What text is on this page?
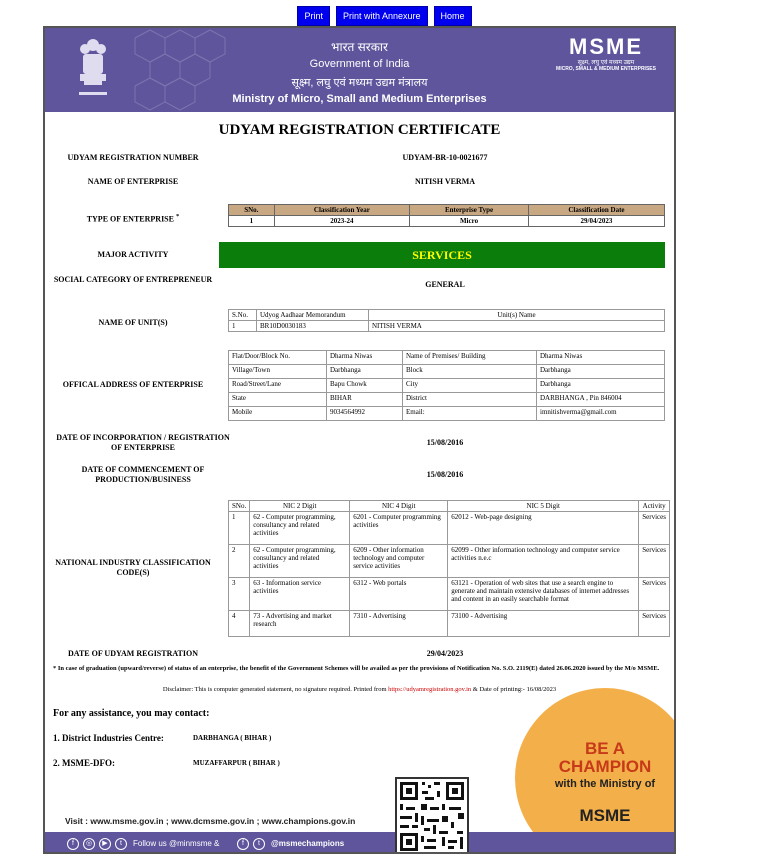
Print Print with Annexure Home
भारत सरकार
Government of India
सूक्ष्म, लघु एवं मध्यम उद्यम मंत्रालय
Ministry of Micro, Small and Medium Enterprises
MSME
सूक्ष्म, लघु एवं मध्यम उद्यम
MICRO, SMALL & MEDIUM ENTERPRISES
UDYAM REGISTRATION CERTIFICATE
UDYAM REGISTRATION NUMBER	UDYAM-BR-10-0021677
NAME OF ENTERPRISE	NITISH VERMA
TYPE OF ENTERPRISE *
SNo.	Classification Year	Enterprise Type	Classification Date
1	2023-24	Micro	29/04/2023
MAJOR ACTIVITY	SERVICES
SOCIAL CATEGORY OF ENTREPRENEUR
GENERAL
NAME OF UNIT(S)
S.No.	Udyog Aadhaar Memorandum	Unit(s) Name
1	BR10D0030183	NITISH VERMA
OFFICAL ADDRESS OF ENTERPRISE
Flat/Door/Block No.	Dharma Niwas	Name of Premises/ Building	Dharma Niwas
Village/Town	Darbhanga	Block	Darbhanga
Road/Street/Lane	Bapu Chowk	City	Darbhanga
State	BIHAR	District	DARBHANGA , Pin 846004
Mobile	9034564992	Email:	imnitishverma@gmail.com
DATE OF INCORPORATION / REGISTRATION OF ENTERPRISE
15/08/2016
DATE OF COMMENCEMENT OF PRODUCTION/BUSINESS
15/08/2016
NATIONAL INDUSTRY CLASSIFICATION CODE(S)
SNo.	NIC 2 Digit	NIC 4 Digit	NIC 5 Digit	Activity
1	62 - Computer programming, consultancy and related activities	6201 - Computer programming activities	62012 - Web-page designing	Services
2	62 - Computer programming, consultancy and related activities	6209 - Other information technology and computer service activities	62099 - Other information technology and computer service activities n.e.c	Services
3	63 - Information service activities	6312 - Web portals	63121 - Operation of web sites that use a search engine to generate and maintain extensive databases of internet addresses and content in an easily searchable format	Services
4	73 - Advertising and market research	7310 - Advertising	73100 - Advertising	Services
DATE OF UDYAM REGISTRATION	29/04/2023
* In case of graduation (upward/reverse) of status of an enterprise, the benefit of the Government Schemes will be availed as per the provisions of Notification No. S.O. 2119(E) dated 26.06.2020 issued by the M/o MSME.
Disclaimer: This is computer generated statement, no signature required. Printed from https://udyamregistration.gov.in & Date of printing:- 16/08/2023
For any assistance, you may contact:
1. District Industries Centre:	DARBHANGA ( BIHAR )
2. MSME-DFO:	MUZAFFARPUR ( BIHAR )
BE A CHAMPION
with the Ministry of
MSME
Visit : www.msme.gov.in ; www.dcmsme.gov.in ; www.champions.gov.in
f	◎	▶	t	Follow us @minmsme &	f	t	@msmechampions
